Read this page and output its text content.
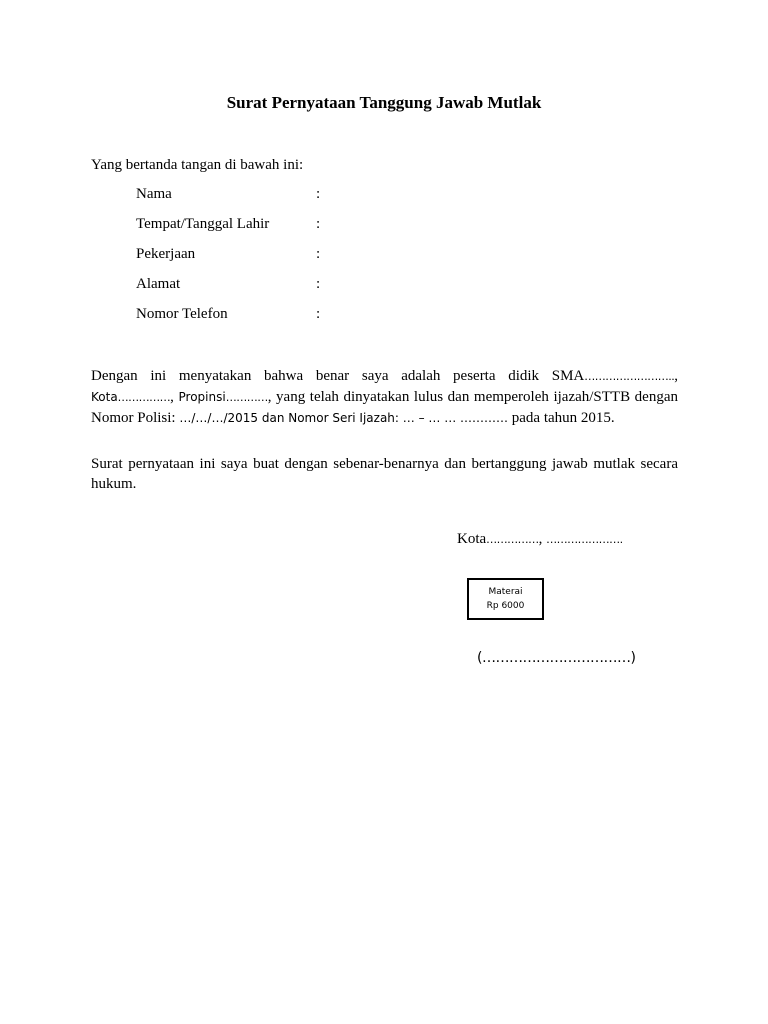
Surat Pernyataan Tanggung Jawab Mutlak
Yang bertanda tangan di bawah ini:
Nama	:
Tempat/Tanggal Lahir	:
Pekerjaan	:
Alamat	:
Nomor Telefon	:

Dengan ini menyatakan bahwa benar saya adalah peserta didik SMA…………………….., Kota……………, Propinsi…………, yang telah dinyatakan lulus dan memperoleh ijazah/STTB dengan Nomor Polisi: …/…/…/2015 dan Nomor Seri Ijazah: … – … … ………… pada tahun 2015.

Surat pernyataan ini saya buat dengan sebenar-benarnya dan bertanggung jawab mutlak secara hukum.

Kota……………, ………………….
Materai
Rp 6000
(……………………………)
